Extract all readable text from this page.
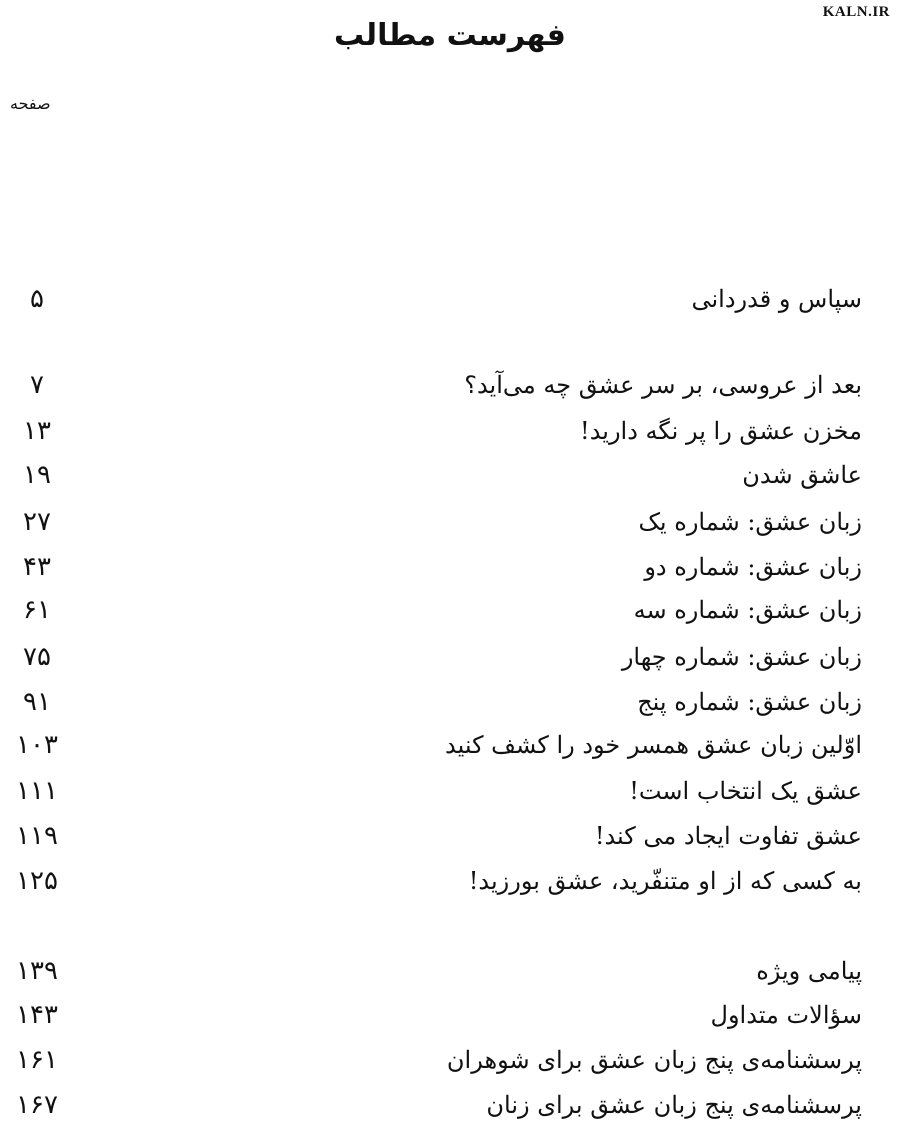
KALN.IR
فهرست مطالب
صفحه
سپاس و قدردانی
۵
بعد از عروسی، بر سر عشق چه می‌آید؟
۷
مخزن عشق را پر نگه دارید!
۱۳
عاشق شدن
۱۹
زبان عشق: شماره یک
۲۷
زبان عشق: شماره دو
۴۳
زبان عشق: شماره سه
۶۱
زبان عشق: شماره چهار
۷۵
زبان عشق: شماره پنج
۹۱
اوّلین زبان عشق همسر خود را کشف کنید
۱۰۳
عشق یک انتخاب است!
۱۱۱
عشق تفاوت ایجاد می کند!
۱۱۹
به کسی که از او متنفّرید، عشق بورزید!
۱۲۵
پیامی ویژه
۱۳۹
سؤالات متداول
۱۴۳
پرسشنامه‌ی پنج زبان عشق برای شوهران
۱۶۱
پرسشنامه‌ی پنج زبان عشق برای زنان
۱۶۷
